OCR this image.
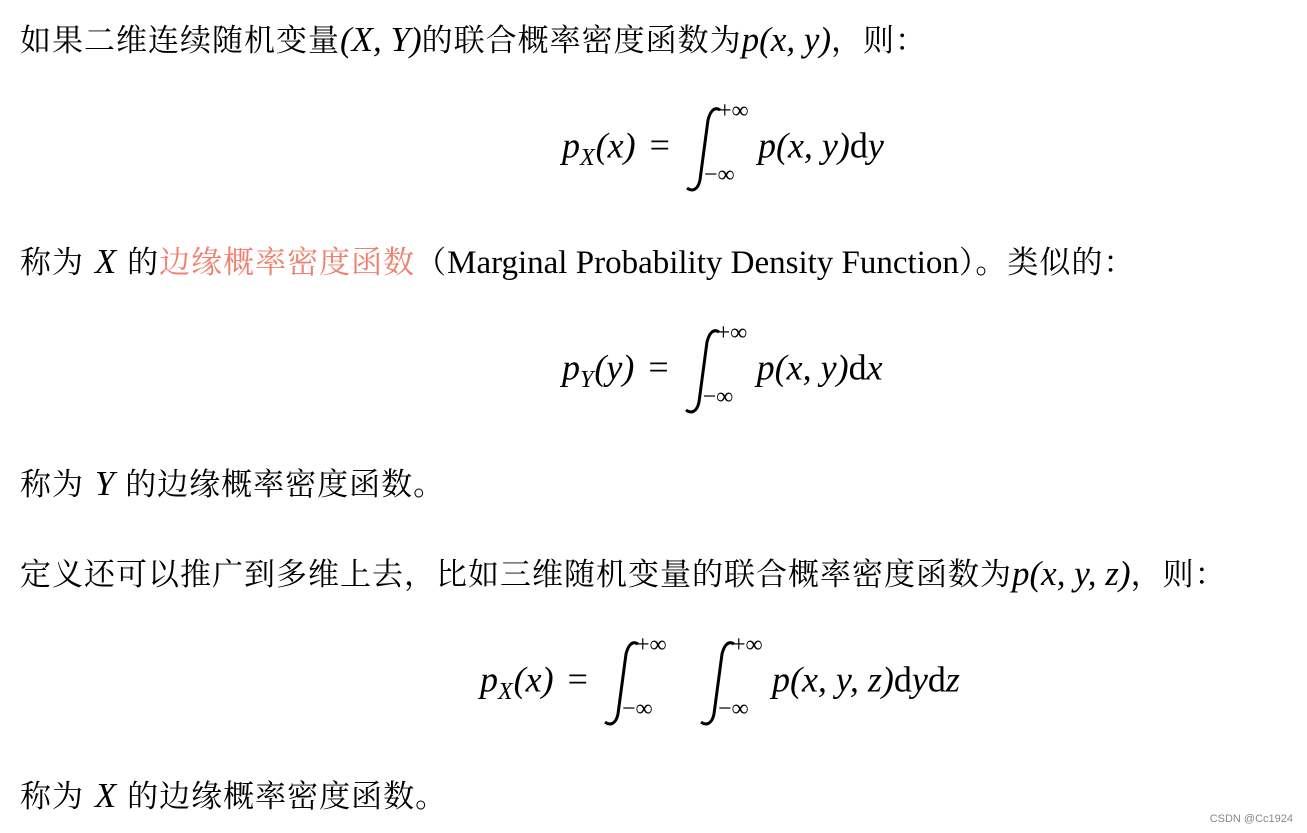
如果二维连续随机变量(X, Y)的联合概率密度函数为p(x, y)，则：
$p_X(x)$ =
+∞
−∞
p(x, y)dy
称为 X 的边缘概率密度函数（Marginal Probability Density Function）。类似的：
$p_Y(y)$ =
+∞
−∞
p(x, y)dx
称为 Y 的边缘概率密度函数。
定义还可以推广到多维上去，比如三维随机变量的联合概率密度函数为p(x, y, z)，则：
$p_X(x)$ =
+∞
−∞
+∞
−∞
p(x, y, z)dydz
称为 X 的边缘概率密度函数。
CSDN @Cc1924
